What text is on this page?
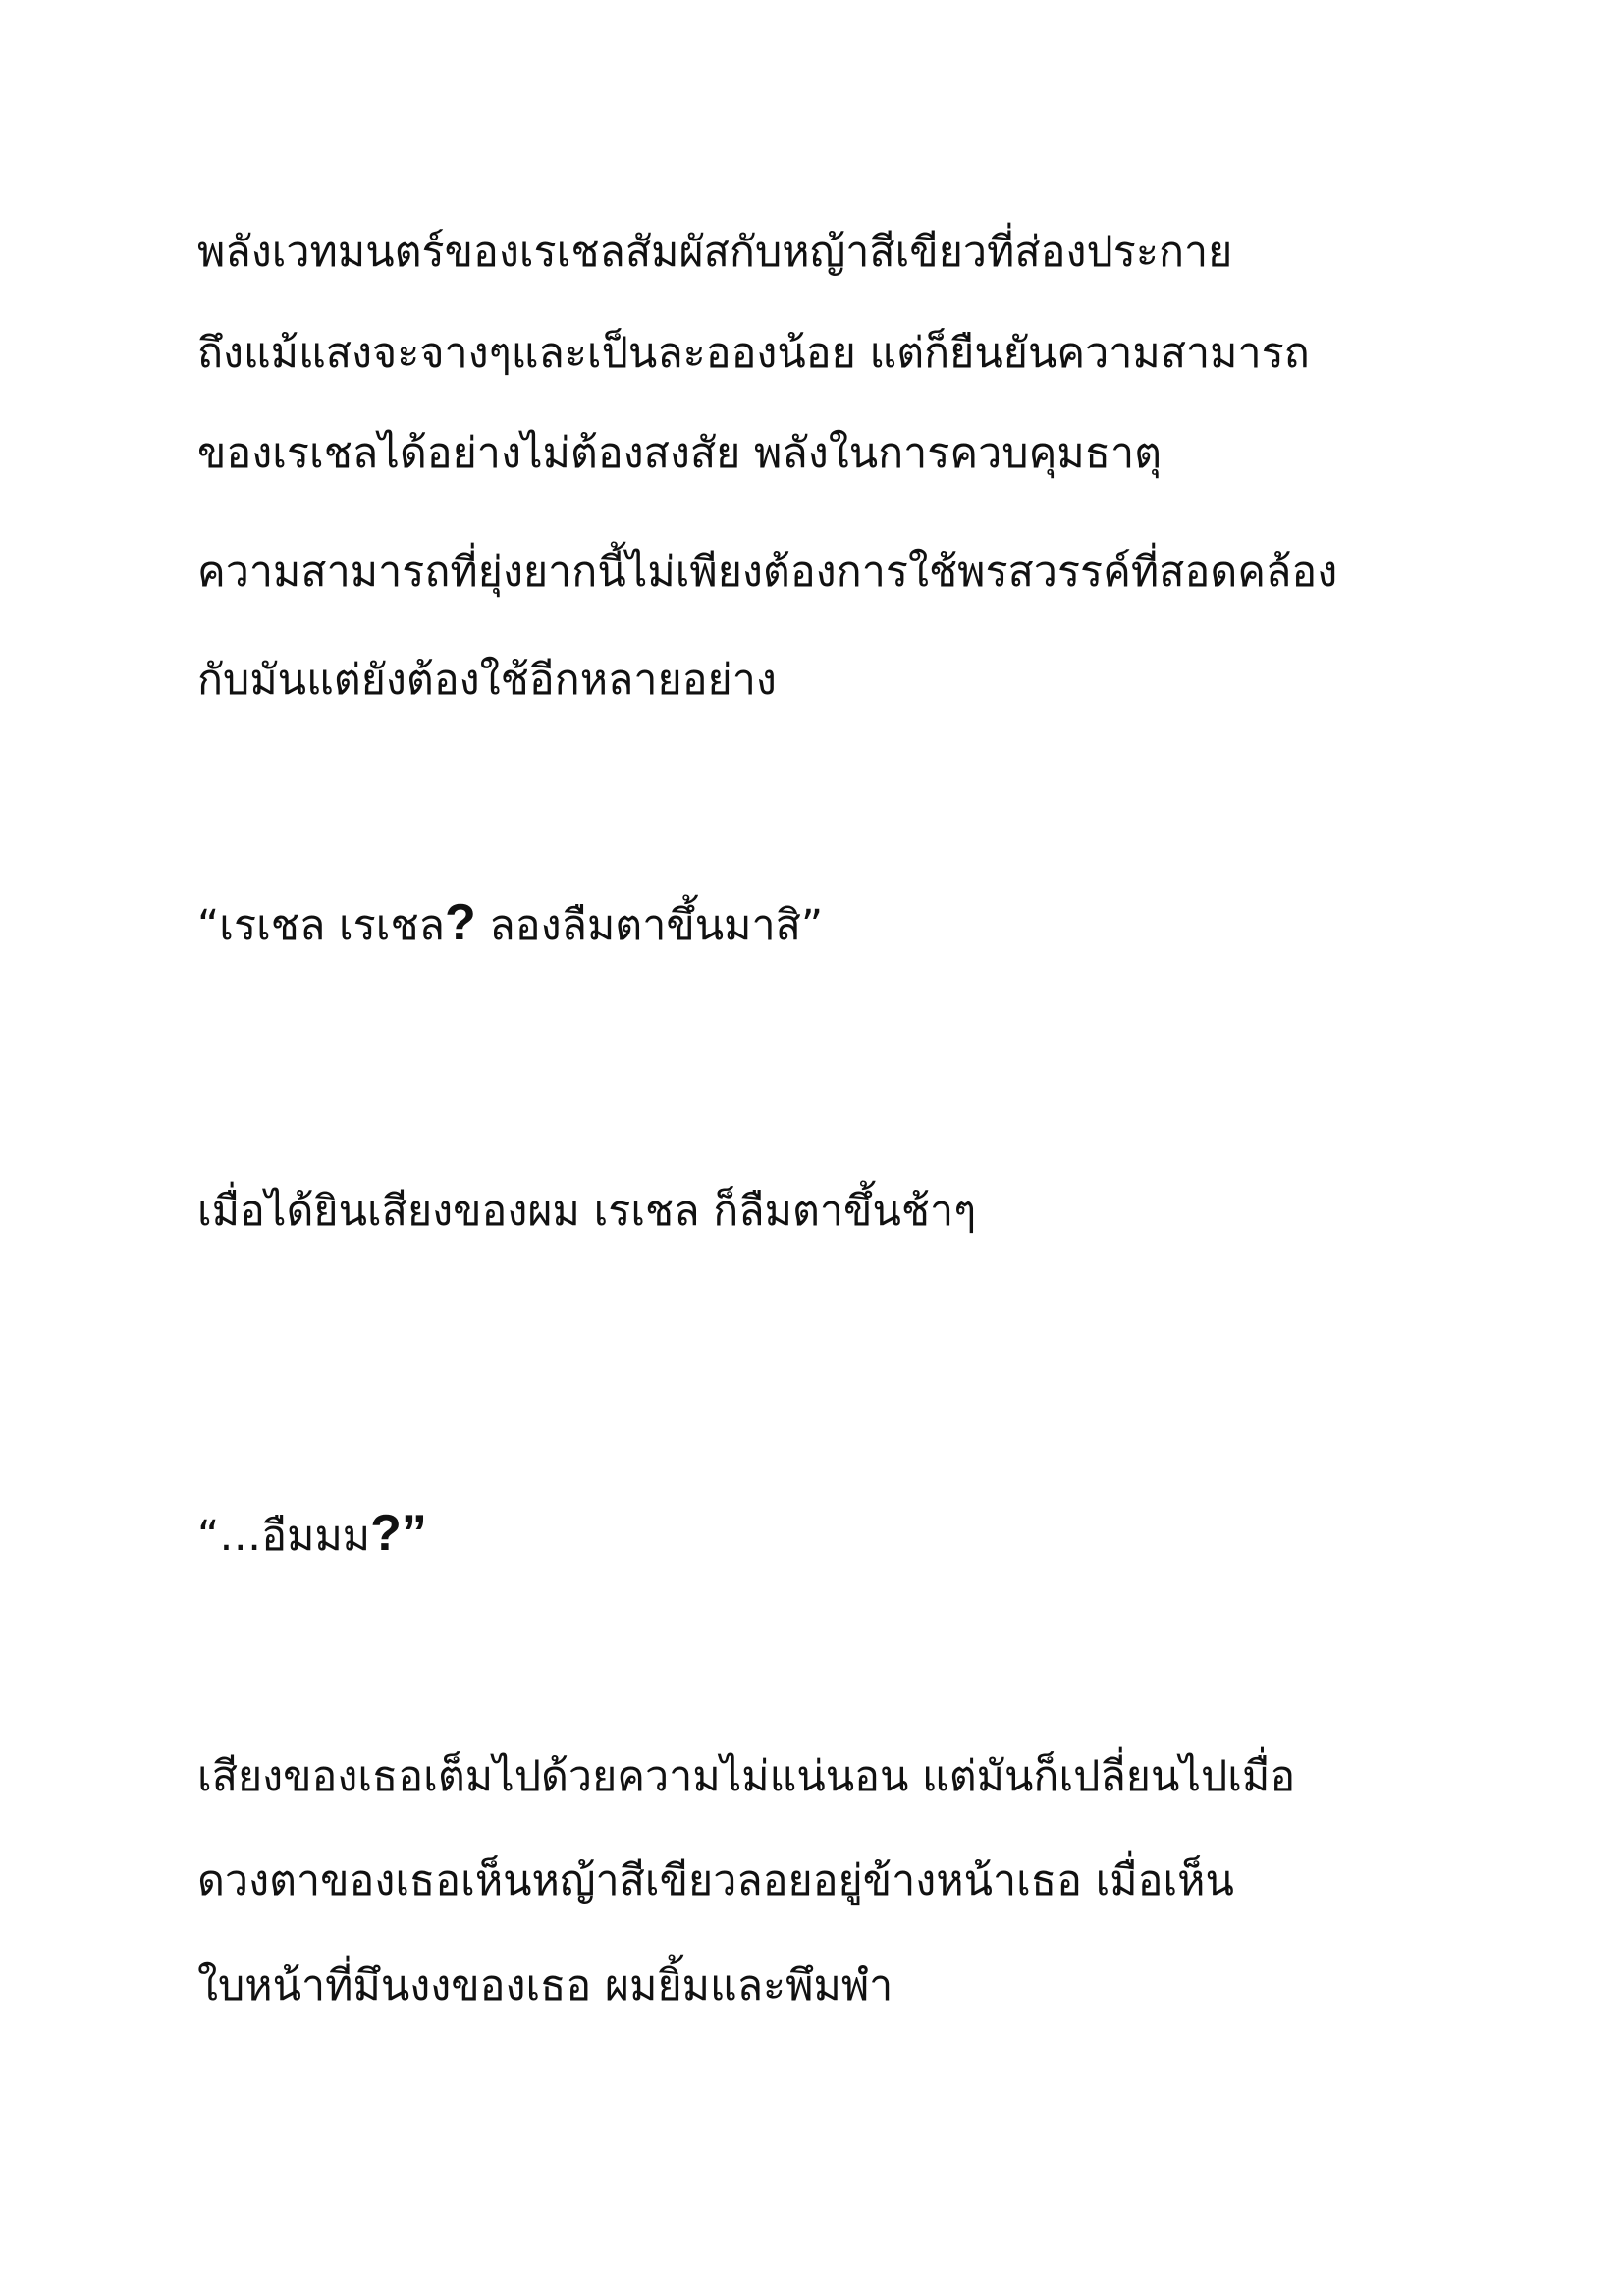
พลังเวทมนตร์ของเรเชลสัมผัสกับหญ้าสีเขียวที่ส่องประกาย
ถึงแม้แสงจะจางๆและเป็นละอองน้อย แต่ก็ยืนยันความสามารถ
ของเรเชลได้อย่างไม่ต้องสงสัย พลังในการควบคุมธาตุ
ความสามารถที่ยุ่งยากนี้ไม่เพียงต้องการใช้พรสวรรค์ที่สอดคล้อง
กับมันแต่ยังต้องใช้อีกหลายอย่าง
“เรเชล เรเชล? ลองลืมตาขึ้นมาสิ”
เมื่อได้ยินเสียงของผม เรเชล ก็ลืมตาขึ้นช้าๆ
“…อืมมม?”
เสียงของเธอเต็มไปด้วยความไม่แน่นอน แต่มันก็เปลี่ยนไปเมื่อ
ดวงตาของเธอเห็นหญ้าสีเขียวลอยอยู่ข้างหน้าเธอ เมื่อเห็น
ใบหน้าที่มึนงงของเธอ ผมยิ้มและพึมพำ
